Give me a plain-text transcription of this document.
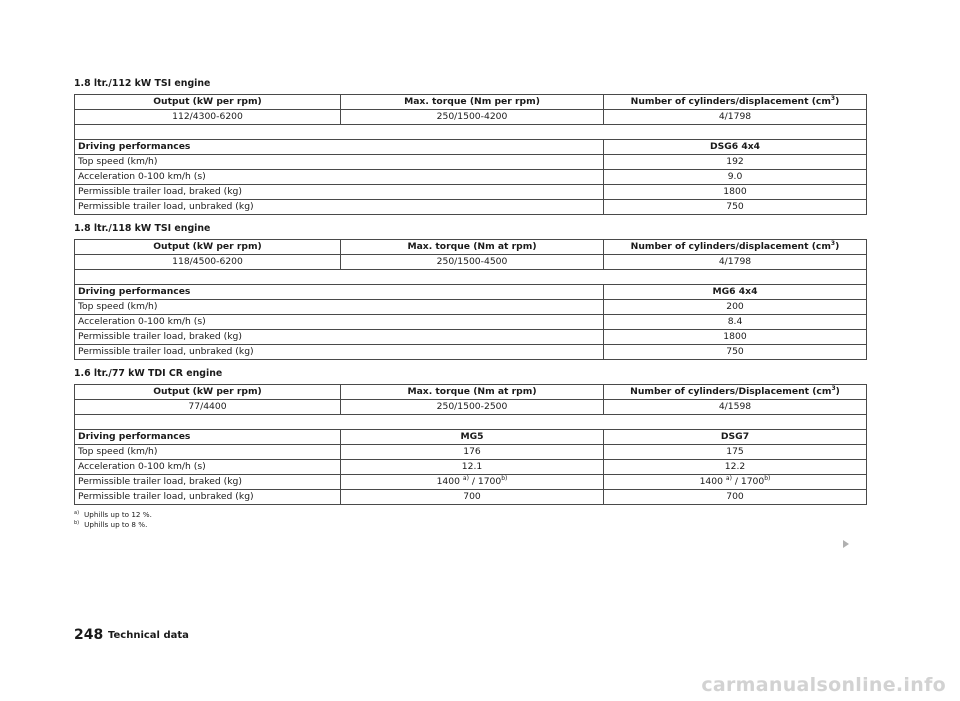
1.8 ltr./112 kW TSI engine
Output (kW per rpm)	Max. torque (Nm per rpm)	Number of cylinders/displacement $(cm^3)$
112/4300-6200	250/1500-4200	4/1798

Driving performances		DSG6 4x4
Top speed (km/h)		192
Acceleration 0-100 km/h (s)		9.0
Permissible trailer load, braked (kg)		1800
Permissible trailer load, unbraked (kg)		750
1.8 ltr./118 kW TSI engine
Output (kW per rpm)	Max. torque (Nm at rpm)	Number of cylinders/displacement $(cm^3)$
118/4500-6200	250/1500-4500	4/1798

Driving performances		MG6 4x4
Top speed (km/h)		200
Acceleration 0-100 km/h (s)		8.4
Permissible trailer load, braked (kg)		1800
Permissible trailer load, unbraked (kg)		750
1.6 ltr./77 kW TDI CR engine
Output (kW per rpm)	Max. torque (Nm at rpm)	Number of cylinders/Displacement $(cm^3)$
77/4400	250/1500-2500	4/1598

Driving performances	MG5	DSG7
Top speed (km/h)	176	175
Acceleration 0-100 km/h (s)	12.1	12.2
Permissible trailer load, braked (kg)	1400 $^{a)}$ / 1700$^{b)}$	1400 $^{a)}$ / 1700$^{b)}$
Permissible trailer load, unbraked (kg)	700	700
$^{a)}$ Uphills up to 12 %.
$^{b)}$ Uphills up to 8 %.
248 Technical data
carmanualsonline.info
